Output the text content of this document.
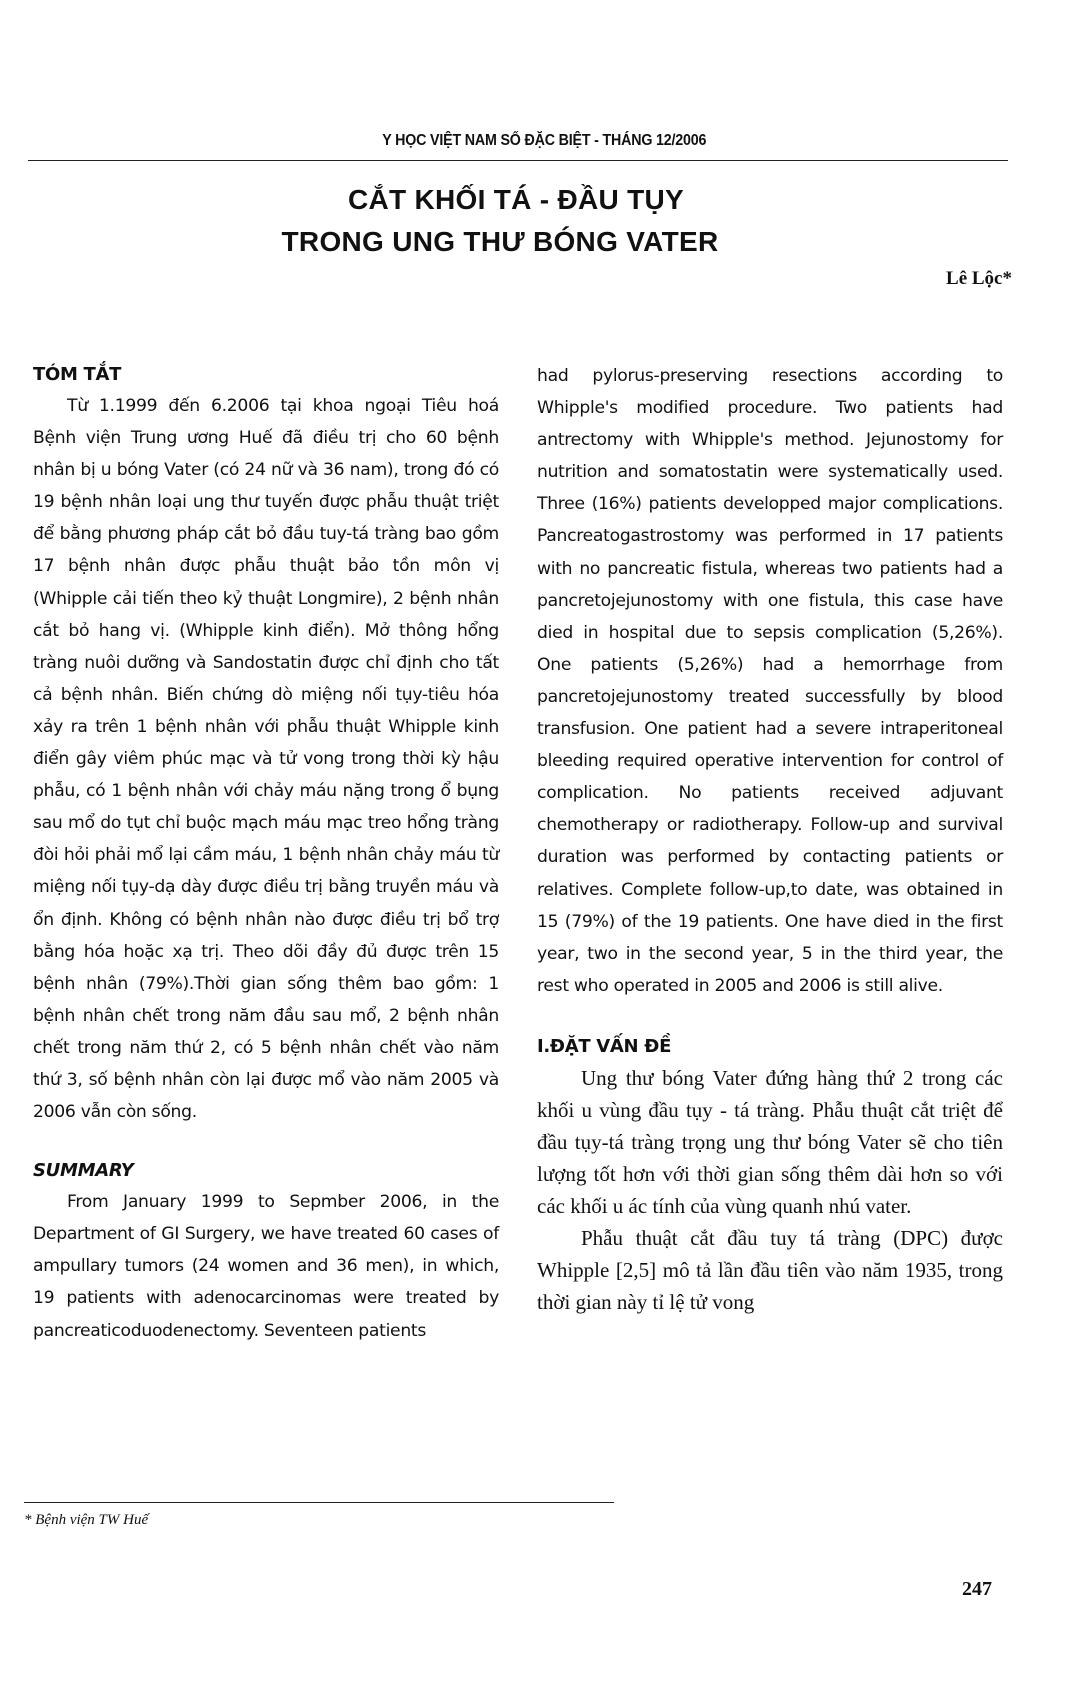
Y HỌC VIỆT NAM SỐ ĐẶC BIỆT - THÁNG 12/2006
CẮT KHỐI TÁ - ĐẦU TỤY
TRONG UNG THƯ BÓNG VATER
Lê Lộc*
TÓM TẮT

Từ 1.1999 đến 6.2006 tại khoa ngoại Tiêu hoá Bệnh viện Trung ương Huế đã điều trị cho 60 bệnh nhân bị u bóng Vater (có 24 nữ và 36 nam), trong đó có 19 bệnh nhân loại ung thư tuyến được phẫu thuật triệt để bằng phương pháp cắt bỏ đầu tuy-tá tràng bao gồm 17 bệnh nhân được phẫu thuật bảo tồn môn vị (Whipple cải tiến theo kỷ thuật Longmire), 2 bệnh nhân cắt bỏ hang vị. (Whipple kinh điển). Mở thông hổng tràng nuôi dưỡng và Sandostatin được chỉ định cho tất cả bệnh nhân. Biến chứng dò miệng nối tụy-tiêu hóa xảy ra trên 1 bệnh nhân với phẫu thuật Whipple kinh điển gây viêm phúc mạc và tử vong trong thời kỳ hậu phẫu, có 1 bệnh nhân với chảy máu nặng trong ổ bụng sau mổ do tụt chỉ buộc mạch máu mạc treo hổng tràng đòi hỏi phải mổ lại cầm máu, 1 bệnh nhân chảy máu từ miệng nối tụy-dạ dày được điều trị bằng truyền máu và ổn định. Không có bệnh nhân nào được điều trị bổ trợ bằng hóa hoặc xạ trị. Theo dõi đầy đủ được trên 15 bệnh nhân (79%).Thời gian sống thêm bao gồm: 1 bệnh nhân chết trong năm đầu sau mổ, 2 bệnh nhân chết trong năm thứ 2, có 5 bệnh nhân chết vào năm thứ 3, số bệnh nhân còn lại được mổ vào năm 2005 và 2006 vẫn còn sống.

SUMMARY

From January 1999 to Sepmber 2006, in the Department of GI Surgery, we have treated 60 cases of ampullary tumors (24 women and 36 men), in which, 19 patients with adenocarcinomas were treated by pancreaticoduodenectomy. Seventeen patients

had pylorus-preserving resections according to Whipple's modified procedure. Two patients had antrectomy with Whipple's method. Jejunostomy for nutrition and somatostatin were systematically used. Three (16%) patients developped major complications. Pancreatogastrostomy was performed in 17 patients with no pancreatic fistula, whereas two patients had a pancretojejunostomy with one fistula, this case have died in hospital due to sepsis complication (5,26%). One patients (5,26%) had a hemorrhage from pancretojejunostomy treated successfully by blood transfusion. One patient had a severe intraperitoneal bleeding required operative intervention for control of complication. No patients received adjuvant chemotherapy or radiotherapy. Follow-up and survival duration was performed by contacting patients or relatives. Complete follow-up,to date, was obtained in 15 (79%) of the 19 patients. One have died in the first year, two in the second year, 5 in the third year, the rest who operated in 2005 and 2006 is still alive.

I.ĐẶT VẤN ĐỀ

Ung thư bóng Vater đứng hàng thứ 2 trong các khối u vùng đầu tụy - tá tràng. Phẫu thuật cắt triệt để đầu tụy-tá tràng trọng ung thư bóng Vater sẽ cho tiên lượng tốt hơn với thời gian sống thêm dài hơn so với các khối u ác tính của vùng quanh nhú vater.

Phẫu thuật cắt đầu tuy tá tràng (DPC) được Whipple [2,5] mô tả lần đầu tiên vào năm 1935, trong thời gian này tỉ lệ tử vong

* Bệnh viện TW Huế
247
